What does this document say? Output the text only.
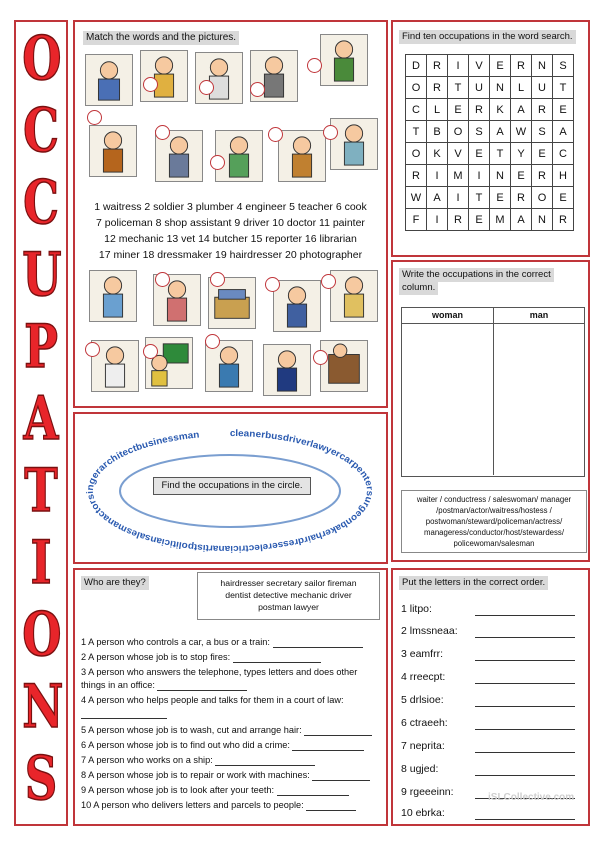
O
C
C
U
P
A
T
I
O
N
S
Match the words and the pictures.
1 waitress 2 soldier 3 plumber 4 engineer 5 teacher 6 cook
7 policeman 8 shop assistant 9 driver 10 doctor 11 painter
12 mechanic 13 vet 14 butcher 15 reporter 16 librarian
17 miner 18 dressmaker 19 hairdresser 20 photographer
Find ten occupations in the word search.
D	R	I	V	E	R	N	S
O	R	T	U	N	L	U	T
C	L	E	R	K	A	R	E
T	B	O	S	A	W	S	A
O	K	V	E	T	Y	E	C
R	I	M	I	N	E	R	H
W	A	I	T	E	R	O	E
F	I	R	E	M	A	N	R
Write the occupations in the correct
column.
woman	man
waiter / conductress / saleswoman/ manager
/postman/actor/waitress/hostess /
postwoman/steward/policeman/actress/
manageress/conductor/host/stewardess/
policewoman/salesman
cleanerbusdriverlawyercarpentersurgeonbakerhairdresserelectricianartistpoliticiansalesmanactorsingerarchitectbusinessman
Find the occupations in the circle.
Who are they?	hairdresser secretary sailor fireman
dentist detective mechanic driver
postman lawyer
1 A person who controls a car, a bus or a train:
2 A person whose job is to stop fires:
3 A person who answers the telephone, types letters and does other
things in an office:
4 A person who helps people and talks for them in a court of law:
5 A person whose job is to wash, cut and arrange hair:
6 A person whose job is to find out who did a crime:
7 A person who works on a ship:
8 A person whose job is to repair or work with machines:
9 A person whose job is to look after your teeth:
10 A person who delivers letters and parcels to people:
Put the letters in the correct order.
1 litpo:
2 lmssneaa:
3 eamfrr:
4 rreecpt:
5 drlsioe:
6 ctraeeh:
7 neprita:
8 ugjed:
9 rgeeeinn:
10 ebrka:
iSLCollective.com
